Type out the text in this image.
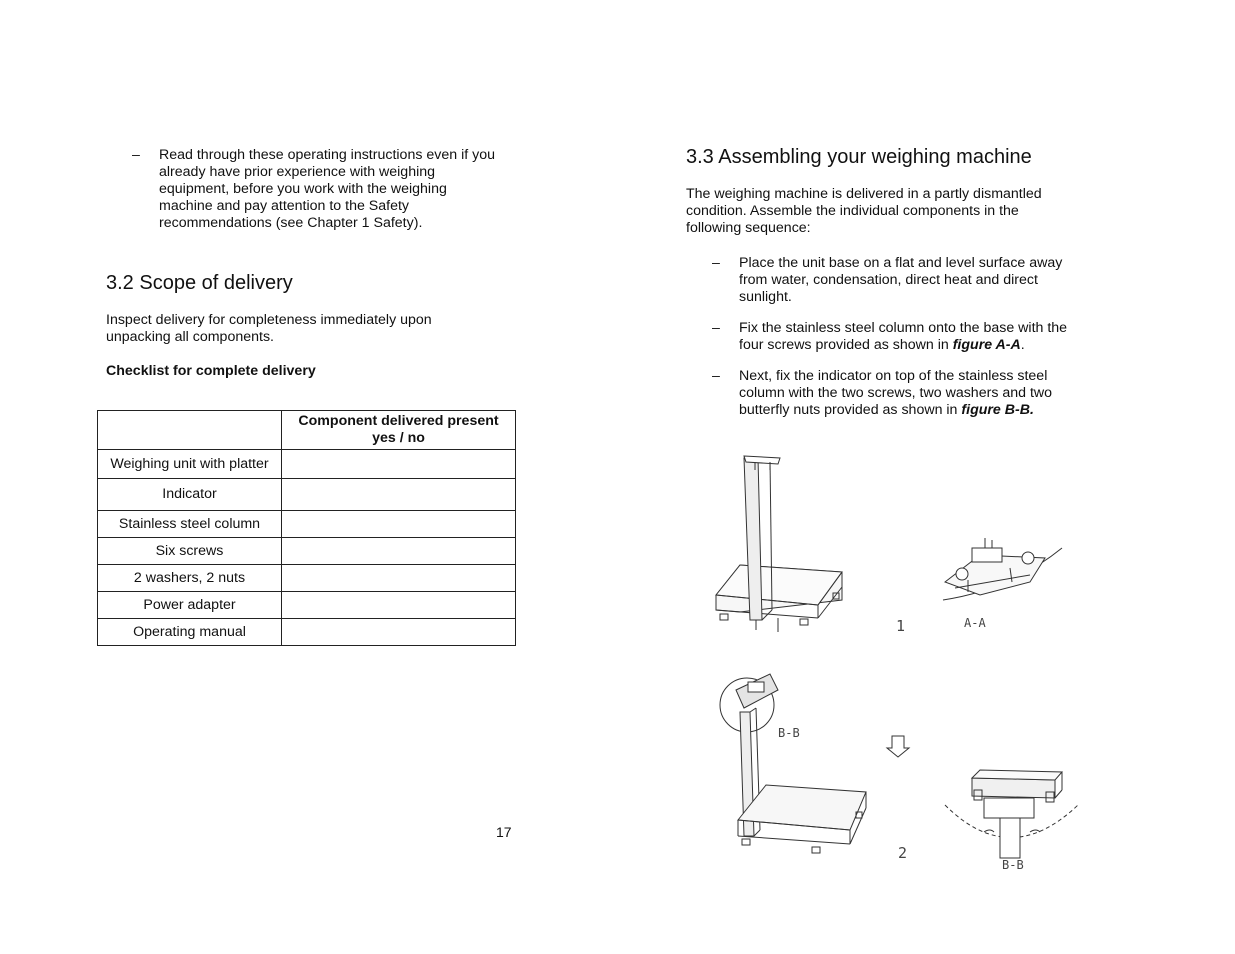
–	Read through these operating instructions even if you
already have prior experience with weighing
equipment, before you work with the weighing
machine and pay attention to the Safety
recommendations (see Chapter 1 Safety).
3.2 Scope of delivery
Inspect delivery for completeness immediately upon
unpacking all components.
Checklist for complete delivery

	Component delivered present
yes / no

Weighing unit with platter	
Indicator	
Stainless steel column	
Six screws	
2 washers, 2 nuts	
Power adapter	
Operating manual	
17
3.3 Assembling your weighing machine
The weighing machine is delivered in a partly dismantled
condition. Assemble the individual components in the
following sequence:
–	Place the unit base on a flat and level surface away
from water, condensation, direct heat and direct
sunlight.
–	Fix the stainless steel column onto the base with the
four screws provided as shown in figure A-A.
–	Next, fix the indicator on top of the stainless steel
column with the two screws, two washers and two
butterfly nuts provided as shown in figure B-B.
1	A-A
B-B
2
B-B
